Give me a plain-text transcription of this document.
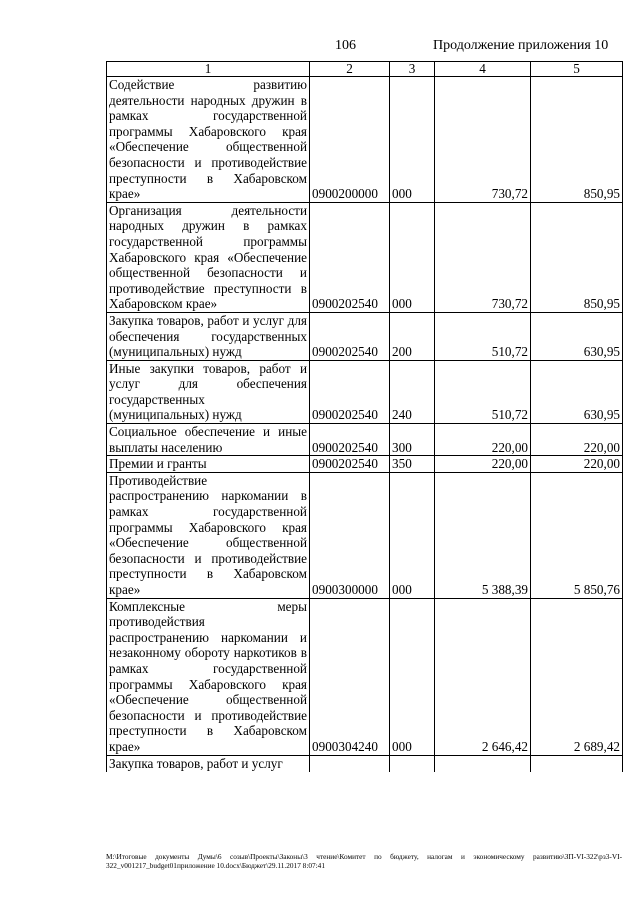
106	Продолжение приложения 10
1	2	3	4	5
Содействие развитию деятельности народных дружин в рамках государственной программы Хабаровского края «Обеспечение общественной безопасности и противодействие преступности в Хабаровском крае»	0900200000	000	730,72	850,95
Организация деятельности народных дружин в рамках государственной программы Хабаровского края «Обеспечение общественной безопасности и противодействие преступности в Хабаровском крае»	0900202540	000	730,72	850,95
Закупка товаров, работ и услуг для обеспечения государственных (муниципальных) нужд	0900202540	200	510,72	630,95
Иные закупки товаров, работ и услуг для обеспечения государственных (муниципальных) нужд	0900202540	240	510,72	630,95
Социальное обеспечение и иные выплаты населению	0900202540	300	220,00	220,00
Премии и гранты	0900202540	350	220,00	220,00
Противодействие распространению наркомании в рамках государственной программы Хабаровского края «Обеспечение общественной безопасности и противодействие преступности в Хабаровском крае»	0900300000	000	5 388,39	5 850,76
Комплексные меры противодействия распространению наркомании и незаконному обороту наркотиков в рамках государственной программы Хабаровского края «Обеспечение общественной безопасности и противодействие преступности в Хабаровском крае»	0900304240	000	2 646,42	2 689,42
Закупка товаров, работ и услуг				
M:\Итоговые документы Думы\6 созыв\Проекты\Законы\3 чтение\Комитет по бюджету, налогам и экономическому развитию\ЗП-VI-322\рз3-VI-322_v001217_budget01приложение 10.docx\Бюджет\29.11.2017 8:07:41
